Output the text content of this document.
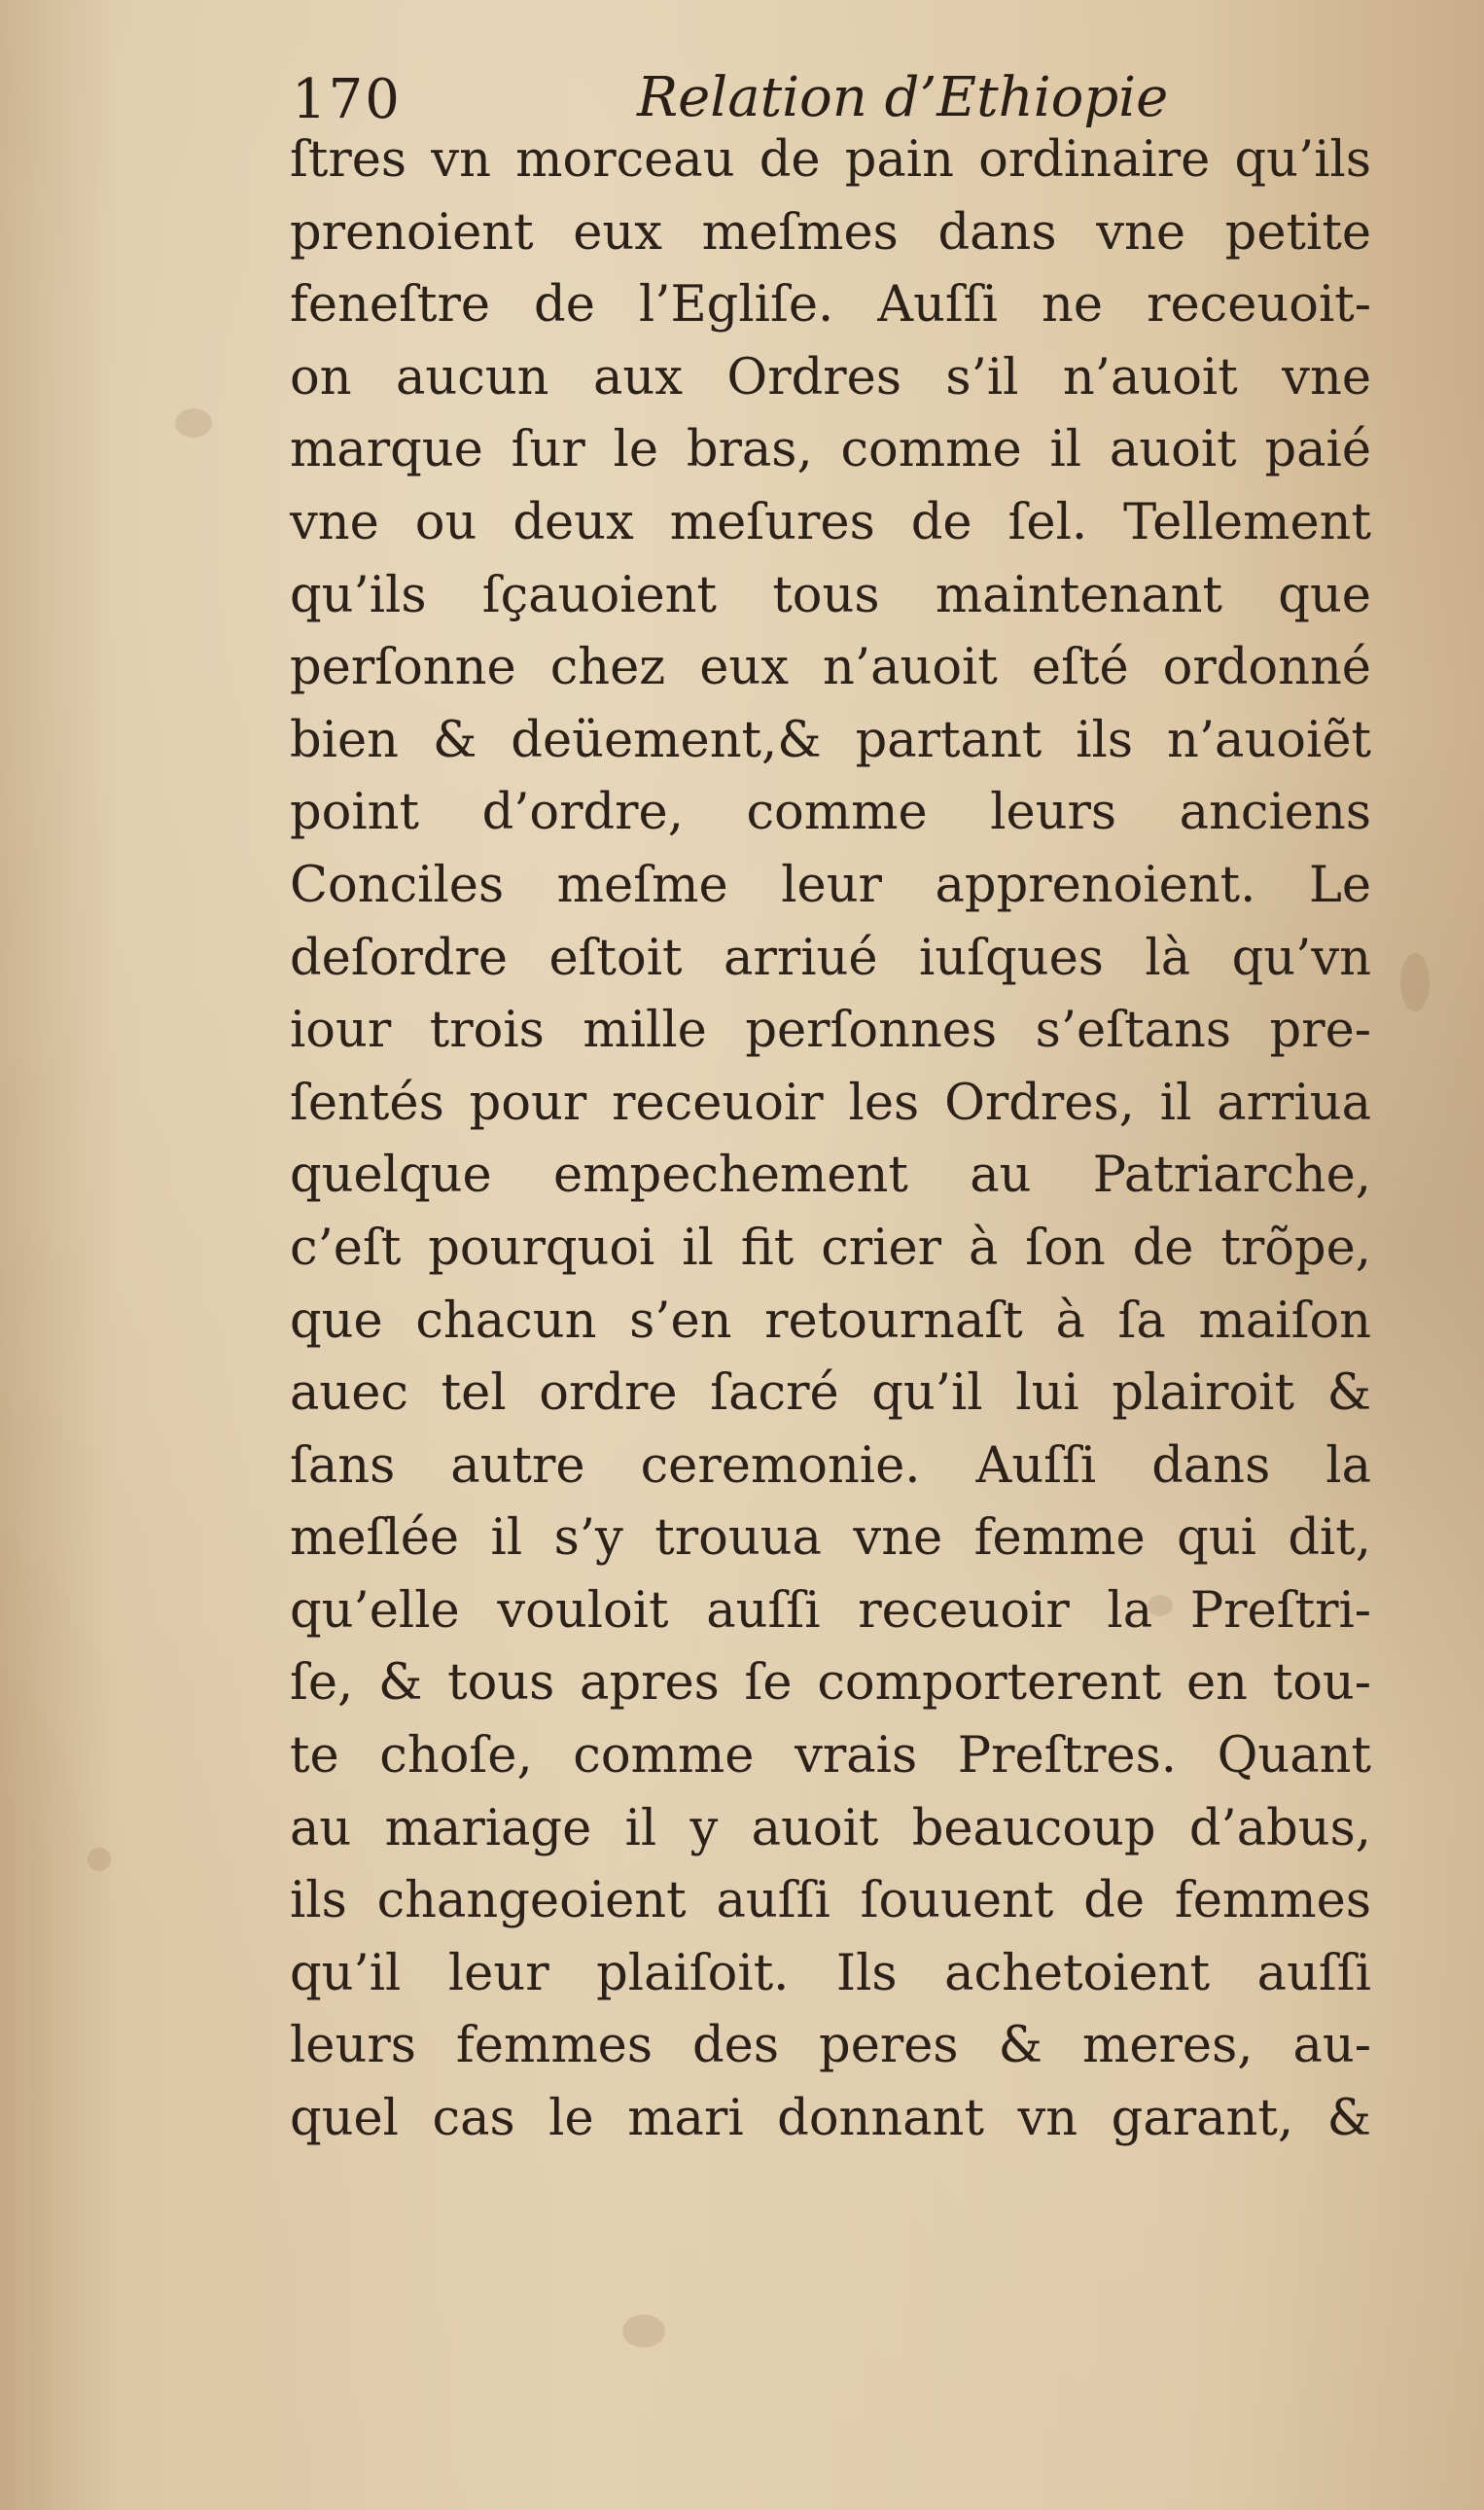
170	Relation d’Ethiopie
ſtres vn morceau de pain ordinaire qu’ils
prenoient eux meſmes dans vne petite
feneſtre de l’Egliſe. Auſſi ne receuoit-
on aucun aux Ordres s’il n’auoit vne
marque ſur le bras, comme il auoit paié
vne ou deux meſures de ſel. Tellement
qu’ils ſçauoient tous maintenant que
perſonne chez eux n’auoit eſté ordonné
bien & deüement,& partant ils n’auoiẽt
point d’ordre, comme leurs anciens
Conciles meſme leur apprenoient. Le
deſordre eſtoit arriué iuſques là qu’vn
iour trois mille perſonnes s’eſtans pre-
ſentés pour receuoir les Ordres, il arriua
quelque empechement au Patriarche,
c’eſt pourquoi il fit crier à ſon de trõpe,
que chacun s’en retournaſt à ſa maiſon
auec tel ordre ſacré qu’il lui plairoit &
ſans autre ceremonie. Auſſi dans la
meſlée il s’y trouua vne femme qui dit,
qu’elle vouloit auſſi receuoir la Preſtri-
ſe, & tous apres ſe comporterent en tou-
te choſe, comme vrais Preſtres. Quant
au mariage il y auoit beaucoup d’abus,
ils changeoient auſſi ſouuent de femmes
qu’il leur plaiſoit. Ils achetoient auſſi
leurs femmes des peres & meres, au-
quel cas le mari donnant vn garant, &
